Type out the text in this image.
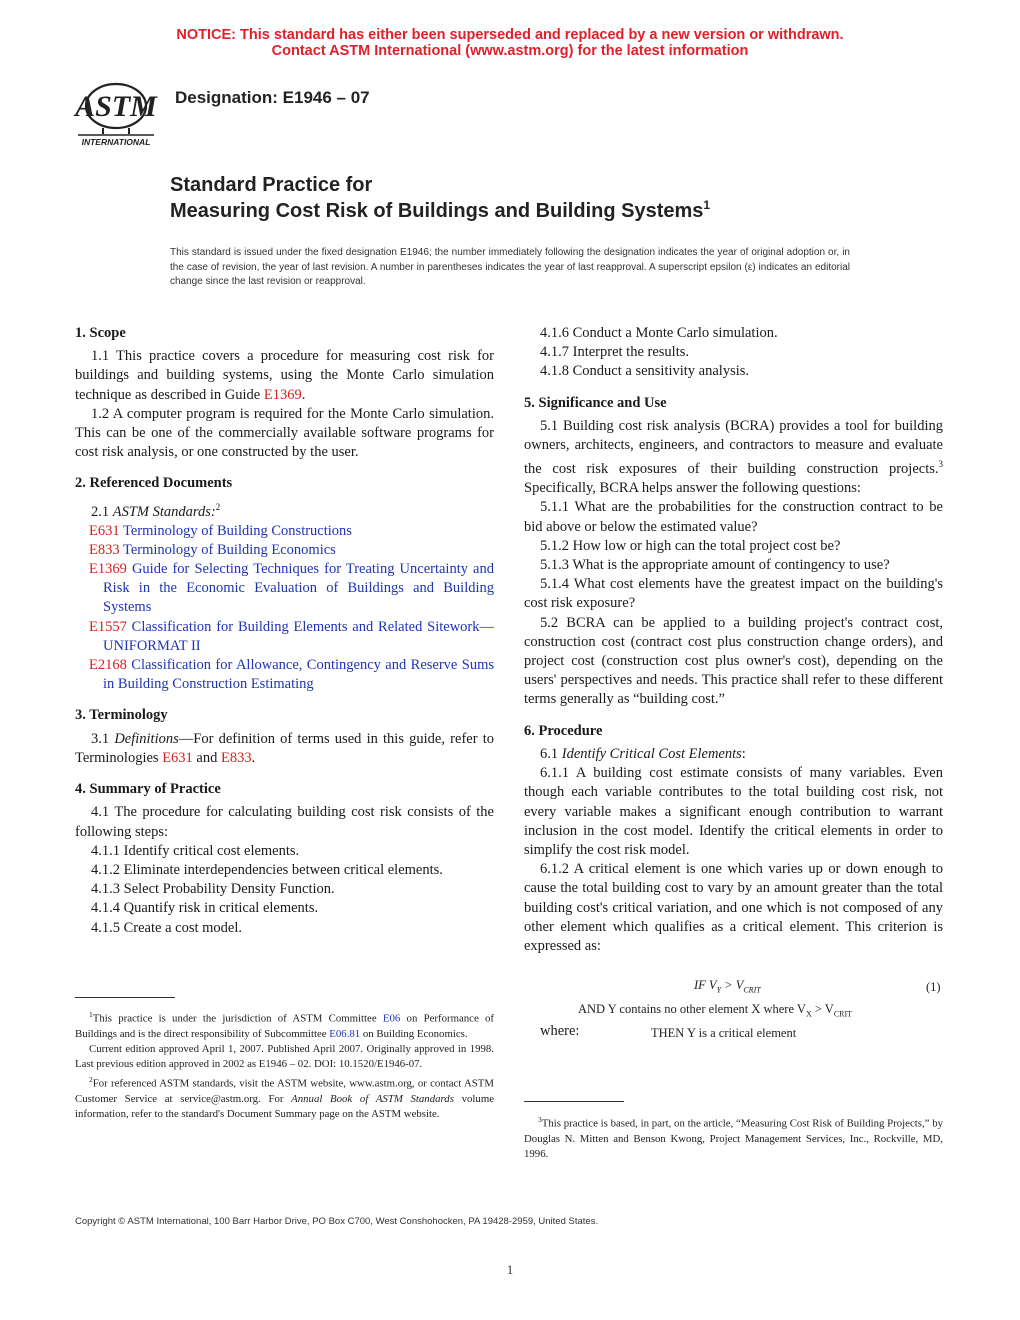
NOTICE: This standard has either been superseded and replaced by a new version or withdrawn.
Contact ASTM International (www.astm.org) for the latest information
ASTM
INTERNATIONAL
Designation: E1946 – 07
Standard Practice for
Measuring Cost Risk of Buildings and Building Systems$^1$
This standard is issued under the fixed designation E1946; the number immediately following the designation indicates the year of original adoption or, in the case of revision, the year of last revision. A number in parentheses indicates the year of last reapproval. A superscript epsilon (ε) indicates an editorial change since the last revision or reapproval.
1. Scope

1.1 This practice covers a procedure for measuring cost risk for buildings and building systems, using the Monte Carlo simulation technique as described in Guide E1369.

1.2 A computer program is required for the Monte Carlo simulation. This can be one of the commercially available software programs for cost risk analysis, or one constructed by the user.

2. Referenced Documents

2.1 ASTM Standards:$^2$

E631 Terminology of Building Constructions

E833 Terminology of Building Economics

E1369 Guide for Selecting Techniques for Treating Uncertainty and Risk in the Economic Evaluation of Buildings and Building Systems

E1557 Classification for Building Elements and Related Sitework—UNIFORMAT II

E2168 Classification for Allowance, Contingency and Reserve Sums in Building Construction Estimating

3. Terminology

3.1 Definitions—For definition of terms used in this guide, refer to Terminologies E631 and E833.

4. Summary of Practice

4.1 The procedure for calculating building cost risk consists of the following steps:

4.1.1 Identify critical cost elements.

4.1.2 Eliminate interdependencies between critical elements.

4.1.3 Select Probability Density Function.

4.1.4 Quantify risk in critical elements.

4.1.5 Create a cost model.

$^1$This practice is under the jurisdiction of ASTM Committee E06 on Performance of Buildings and is the direct responsibility of Subcommittee E06.81 on Building Economics.

Current edition approved April 1, 2007. Published April 2007. Originally approved in 1998. Last previous edition approved in 2002 as E1946 – 02. DOI: 10.1520/E1946-07.

$^2$For referenced ASTM standards, visit the ASTM website, www.astm.org, or contact ASTM Customer Service at service@astm.org. For Annual Book of ASTM Standards volume information, refer to the standard's Document Summary page on the ASTM website.

4.1.6 Conduct a Monte Carlo simulation.

4.1.7 Interpret the results.

4.1.8 Conduct a sensitivity analysis.

5. Significance and Use

5.1 Building cost risk analysis (BCRA) provides a tool for building owners, architects, engineers, and contractors to measure and evaluate the cost risk exposures of their building construction projects.$^3$ Specifically, BCRA helps answer the following questions:

5.1.1 What are the probabilities for the construction contract to be bid above or below the estimated value?

5.1.2 How low or high can the total project cost be?

5.1.3 What is the appropriate amount of contingency to use?

5.1.4 What cost elements have the greatest impact on the building's cost risk exposure?

5.2 BCRA can be applied to a building project's contract cost, construction cost (contract cost plus construction change orders), and project cost (construction cost plus owner's cost), depending on the users' perspectives and needs. This practice shall refer to these different terms generally as “building cost.”

6. Procedure

6.1 Identify Critical Cost Elements:

6.1.1 A building cost estimate consists of many variables. Even though each variable contributes to the total building cost risk, not every variable makes a significant enough contribution to warrant inclusion in the cost model. Identify the critical elements in order to simplify the cost risk model.

6.1.2 A critical element is one which varies up or down enough to cause the total building cost to vary by an amount greater than the total building cost's critical variation, and one which is not composed of any other element which qualifies as a critical element. This criterion is expressed as:

IF $V_Y > V_{CRIT}$	(1)
AND Y contains no other element X where $V_X > V_{CRIT}$
THEN Y is a critical element
where:

$^3$This practice is based, in part, on the article, “Measuring Cost Risk of Building Projects,” by Douglas N. Mitten and Benson Kwong, Project Management Services, Inc., Rockville, MD, 1996.

Copyright © ASTM International, 100 Barr Harbor Drive, PO Box C700, West Conshohocken, PA 19428-2959, United States.
1
